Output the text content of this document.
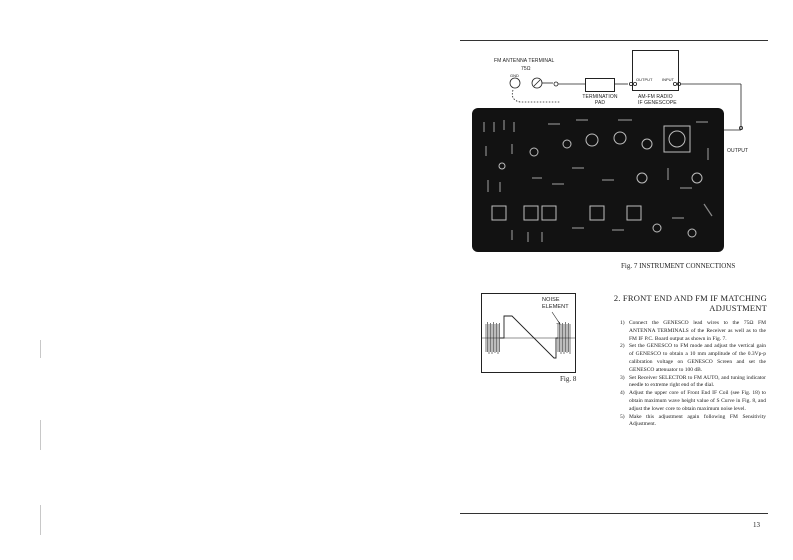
FM ANTENNA TERMINAL
75Ω
GND
TERMINATION
PAD
OUTPUT INPUT
AM-FM RADIO
IF GENESCOPE
OUTPUT
Fig. 7 INSTRUMENT CONNECTIONS
NOISE
ELEMENT
Fig. 8
2. FRONT END AND FM IF MATCHING
ADJUSTMENT
1) Connect the GENESCO lead wires to the 75Ω FM ANTENNA TERMINALS of the Receiver as well as to the FM IF P.C. Board output as shown in Fig. 7.
2) Set the GENESCO to FM mode and adjust the vertical gain of GENESCO to obtain a 10 mm amplitude of the 0.3Vp-p calibration voltage on GENESCO Screen and set the GENESCO attenuator to 100 dB.
3) Set Receiver SELECTOR to FM AUTO, and tuning indicator needle to extreme right end of the dial.
4) Adjust the upper core of Front End IF Coil (see Fig. 18) to obtain maximum wave height value of S Curve in Fig. 8, and adjust the lower core to obtain maximum noise level.
5) Make this adjustment again following FM Sensitivity Adjustment.
13
